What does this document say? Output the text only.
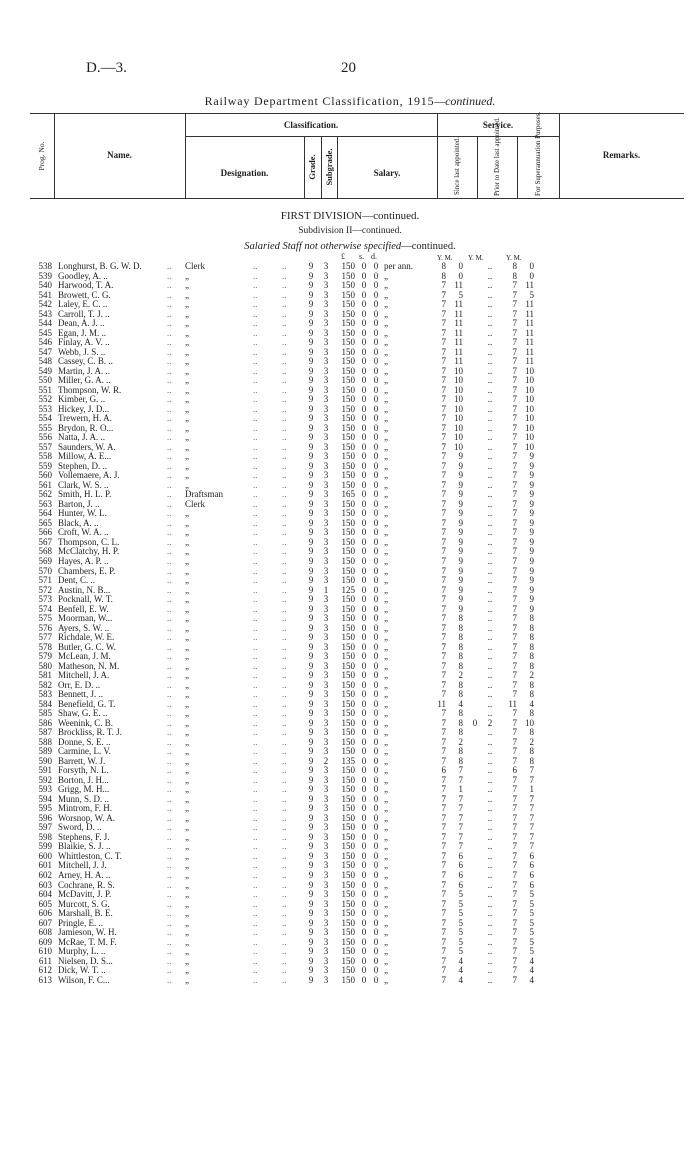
D.—3.	20
Railway Department Classification, 1915—continued.
Prog. No.	Name.
Classification.
Designation.	Grade. Subgrade.	Salary.
Service.
Since last appointed.	Prior to Date last appointed.	For Superannuation Purposes.	Remarks.
FIRST DIVISION—continued.
Subdivision II—continued.
Salaried Staff not otherwise specified—continued.
£ s. d.	Y. M. Y. M.	Y. M.
538 Longhurst, B. G. W. D.	Clerk	9	3	150 0 0 per ann.	8	0	..	8	0
..	..	..
539 Goodley, A. ..	„	9	3	150 0 0 „	8	0	..	8	0
..	..	..
540 Harwood, T. A.	„	9	3	150 0 0 „	7 11	..	7 11
..	..	..
541 Browett, C. G.	„	9	3	150 0 0 „	7	5	..	7	5
..	..	..
542 Laley, E. C. ..	„	9	3	150 0 0 „	7 11	..	7 11
..	..	..
543 Carroll, T. J. ..	„	9	3	150 0 0 „	7 11	..	7 11
..	..	..
544 Dean, A. J. ..	„	9	3	150 0 0 „	7 11	..	7 11
..	..	..
545 Egan, J. M. ..	„	9	3	150 0 0 „	7 11	..	7 11
..	..	..
546 Finlay, A. V. ..	„	9	3	150 0 0 „	7 11	..	7 11
..	..	..
547 Webb, J. S. ..	„	9	3	150 0 0 „	7 11	..	7 11
..	..	..
548 Cassey, C. B. ..	„	9	3	150 0 0 „	7 11	..	7 11
..	..	..
549 Martin, J. A. ..	„	9	3	150 0 0 „	7 10	..	7 10
..	..	..
550 Miller, G. A. ..	„	9	3	150 0 0 „	7 10	..	7 10
..	..	..
551 Thompson, W. R.	„	9	3	150 0 0 „	7 10	..	7 10
..	..	..
552 Kimber, G. ..	„	9	3	150 0 0 „	7 10	..	7 10
..	..	..
553 Hickey, J. D...	„	9	3	150 0 0 „	7 10	..	7 10
..	..	..
554 Trewern, H. A.	„	9	3	150 0 0 „	7 10	..	7 10
..	..	..
555 Brydon, R. O...	„	9	3	150 0 0 „	7 10	..	7 10
..	..	..
556 Natta, J. A. ..	„	9	3	150 0 0 „	7 10	..	7 10
..	..	..
557 Saunders, W. A.	„	9	3	150 0 0 „	7 10	..	7 10
..	..	..
558 Millow, A. E...	„	9	3	150 0 0 „	7	9	..	7	9
..	..	..
559 Stephen, D. ..	„	9	3	150 0 0 „	7	9	..	7	9
..	..	..
560 Vollemaere, A. J.	„	9	3	150 0 0 „	7	9	..	7	9
..	..	..
561 Clark, W. S. ..	„	9	3	150 0 0 „	7	9	..	7	9
..	..	..
562 Smith, H. L. P.	Draftsman	9	3	165 0 0 „	7	9	..	7	9
..	..	..
563 Barton, J. ..	Clerk	9	3	150 0 0 „	7	9	..	7	9
..	..	..
564 Hunter, W. L.	„	9	3	150 0 0 „	7	9	..	7	9
..	..	..
565 Black, A. ..	„	9	3	150 0 0 „	7	9	..	7	9
..	..	..
566 Croft, W. A. ..	„	9	3	150 0 0 „	7	9	..	7	9
..	..	..
567 Thompson, C. L.	„	9	3	150 0 0 „	7	9	..	7	9
..	..	..
568 McClatchy, H. P.	„	9	3	150 0 0 „	7	9	..	7	9
..	..	..
569 Hayes, A. P. ..	„	9	3	150 0 0 „	7	9	..	7	9
..	..	..
570 Chambers, E. P.	„	9	3	150 0 0 „	7	9	..	7	9
..	..	..
571 Dent, C. ..	„	9	3	150 0 0 „	7	9	..	7	9
..	..	..
572 Austin, N. B...	„	9	1	125 0 0 „	7	9	..	7	9
..	..	..
573 Pocknall, W. T.	„	9	3	150 0 0 „	7	9	..	7	9
..	..	..
574 Benfell, E. W.	„	9	3	150 0 0 „	7	9	..	7	9
..	..	..
575 Moorman, W...	„	9	3	150 0 0 „	7	8	..	7	8
..	..	..
576 Ayers, S. W. ..	„	9	3	150 0 0 „	7	8	..	7	8
..	..	..
577 Richdale, W. E.	„	9	3	150 0 0 „	7	8	..	7	8
..	..	..
578 Butler, G. C. W.	„	9	3	150 0 0 „	7	8	..	7	8
..	..	..
579 McLean, J. M.	„	9	3	150 0 0 „	7	8	..	7	8
..	..	..
580 Matheson, N. M.	„	9	3	150 0 0 „	7	8	..	7	8
..	..	..
581 Mitchell, J. A.	„	9	3	150 0 0 „	7	2	..	7	2
..	..	..
582 Orr, E. D. ..	„	9	3	150 0 0 „	7	8	..	7	8
..	..	..
583 Bennett, J. ..	„	9	3	150 0 0 „	7	8	..	7	8
..	..	..
584 Benefield, G. T.	„	9	3	150 0 0 „	11	4	..	11	4
..	..	..
585 Shaw, G. E. ..	„	9	3	150 0 0 „	7	8	..	7	8
..	..	..
586 Weenink, C. B.	„	9	3	150 0 0 „	7	8	0	2	7 10
..	..	..
587 Brockliss, R. T. J.	„	9	3	150 0 0 „	7	8	..	7	8
..	..	..
588 Donne, S. E. ..	„	9	3	150 0 0 „	7	2	..	7	2
..	..	..
589 Carmine, L. V.	„	9	3	150 0 0 „	7	8	..	7	8
..	..	..
590 Barrett, W. J.	„	9	2	135 0 0 „	7	8	..	7	8
..	..	..
591 Forsyth, N. L.	„	9	3	150 0 0 „	6	7	..	6	7
..	..	..
592 Borton, J. H...	„	9	3	150 0 0 „	7	7	..	7	7
..	..	..
593 Grigg, M. H...	„	9	3	150 0 0 „	7	1	..	7	1
..	..	..
594 Munn, S. D. ..	„	9	3	150 0 0 „	7	7	..	7	7
..	..	..
595 Mintrom, F. H.	„	9	3	150 0 0 „	7	7	..	7	7
..	..	..
596 Worsnop, W. A.	„	9	3	150 0 0 „	7	7	..	7	7
..	..	..
597 Sword, D. ..	„	9	3	150 0 0 „	7	7	..	7	7
..	..	..
598 Stephens, F. J.	„	9	3	150 0 0 „	7	7	..	7	7
..	..	..
599 Blaikie, S. J. ..	„	9	3	150 0 0 „	7	7	..	7	7
..	..	..
600 Whittleston, C. T.	„	9	3	150 0 0 „	7	6	..	7	6
..	..	..
601 Mitchell, J. J.	„	9	3	150 0 0 „	7	6	..	7	6
..	..	..
602 Arney, H. A. ..	„	9	3	150 0 0 „	7	6	..	7	6
..	..	..
603 Cochrane, R. S.	„	9	3	150 0 0 „	7	6	..	7	6
..	..	..
604 McDavitt, J. P.	„	9	3	150 0 0 „	7	5	..	7	5
..	..	..
605 Murcott, S. G.	„	9	3	150 0 0 „	7	5	..	7	5
..	..	..
606 Marshall, B. E.	„	9	3	150 0 0 „	7	5	..	7	5
..	..	..
607 Pringle, E. ..	„	9	3	150 0 0 „	7	5	..	7	5
..	..	..
608 Jamieson, W. H.	„	9	3	150 0 0 „	7	5	..	7	5
..	..	..
609 McRae, T. M. F.	„	9	3	150 0 0 „	7	5	..	7	5
..	..	..
610 Murphy, L. ..	„	9	3	150 0 0 „	7	5	..	7	5
..	..	..
611 Nielsen, D. S...	„	9	3	150 0 0 „	7	4	..	7	4
..	..	..
612 Dick, W. T. ..	„	9	3	150 0 0 „	7	4	..	7	4
..	..	..
613 Wilson, F. C...	„	9	3	150 0 0 „	7	4	..	7	4
..	..	..
